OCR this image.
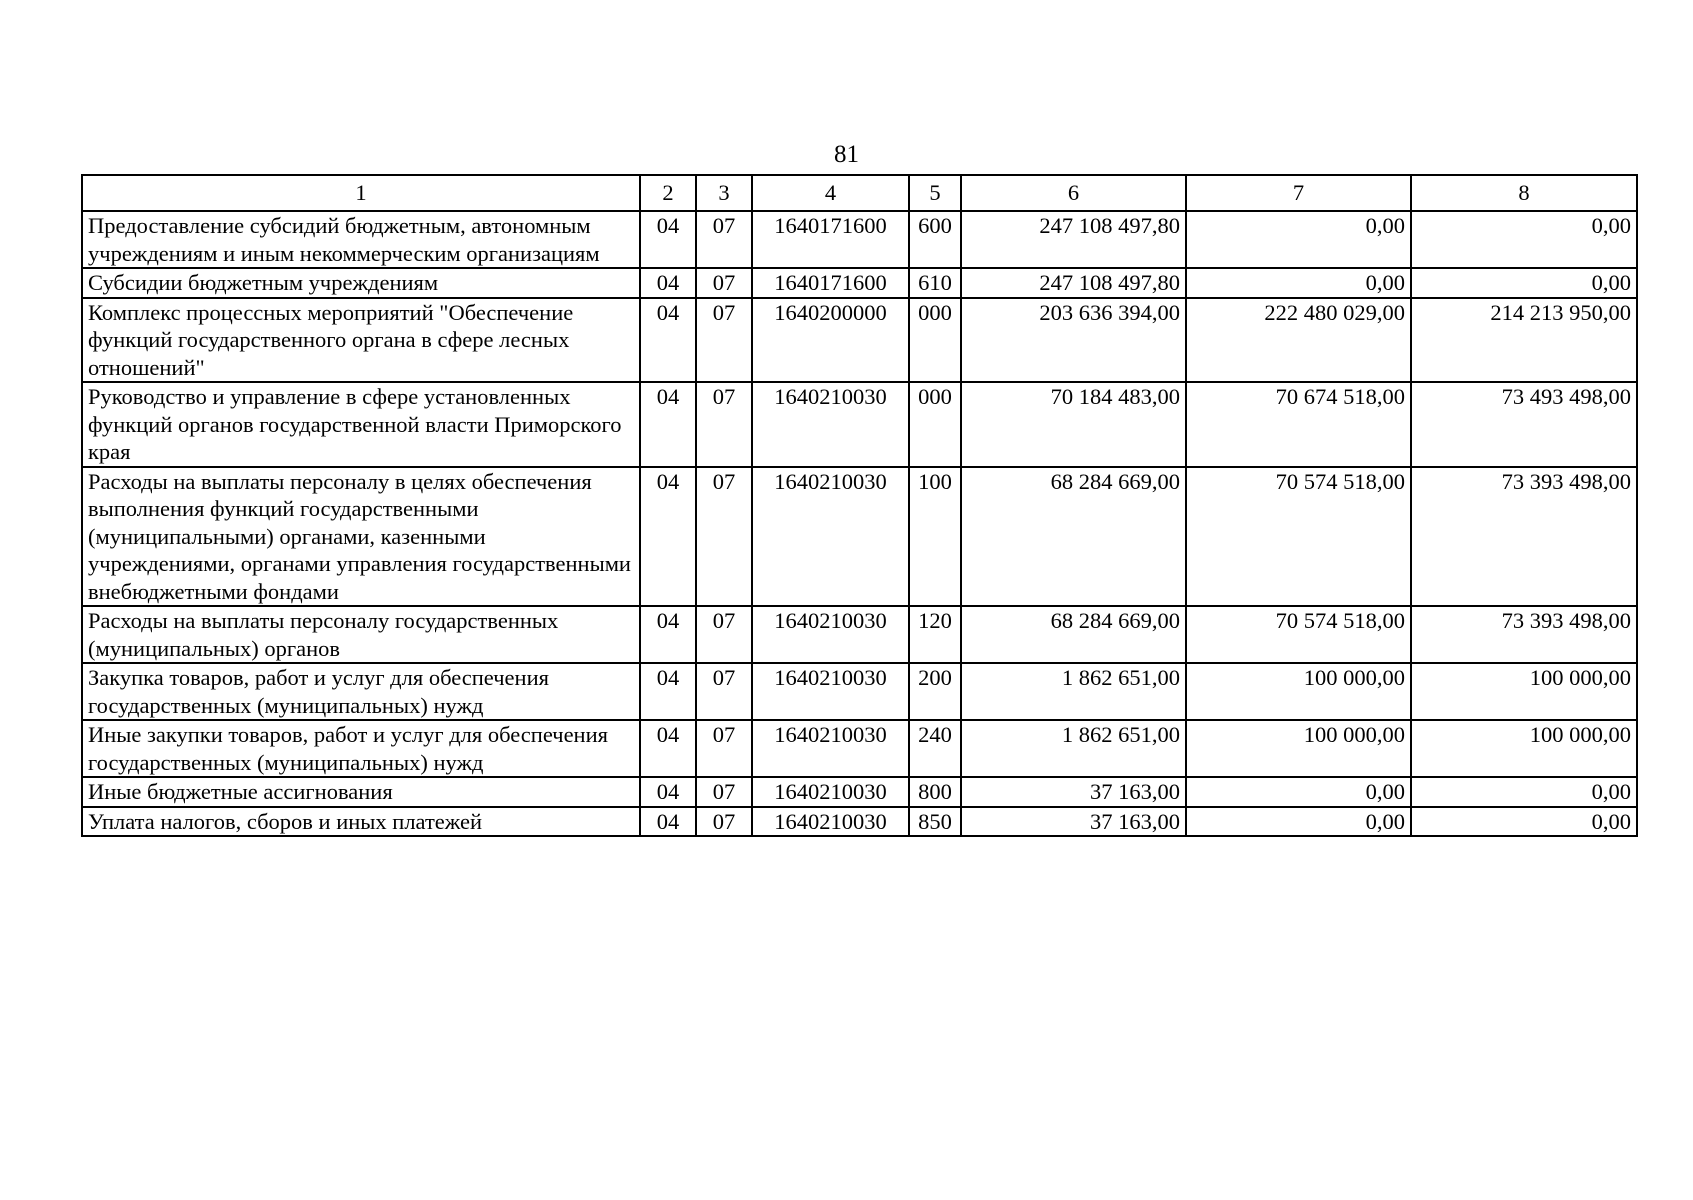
81
1	2	3	4	5	6	7	8
Предоставление субсидий бюджетным, автономным учреждениям и иным некоммерческим организациям	04	07	1640171600	600	247 108 497,80	0,00	0,00
Субсидии бюджетным учреждениям	04	07	1640171600	610	247 108 497,80	0,00	0,00
Комплекс процессных мероприятий "Обеспечение функций государственного органа в сфере лесных отношений"	04	07	1640200000	000	203 636 394,00	222 480 029,00	214 213 950,00
Руководство и управление в сфере установленных функций органов государственной власти Приморского края	04	07	1640210030	000	70 184 483,00	70 674 518,00	73 493 498,00
Расходы на выплаты персоналу в целях обеспечения выполнения функций государственными (муниципальными) органами, казенными учреждениями, органами управления государственными внебюджетными фондами	04	07	1640210030	100	68 284 669,00	70 574 518,00	73 393 498,00
Расходы на выплаты персоналу государственных (муниципальных) органов	04	07	1640210030	120	68 284 669,00	70 574 518,00	73 393 498,00
Закупка товаров, работ и услуг для обеспечения государственных (муниципальных) нужд	04	07	1640210030	200	1 862 651,00	100 000,00	100 000,00
Иные закупки товаров, работ и услуг для обеспечения государственных (муниципальных) нужд	04	07	1640210030	240	1 862 651,00	100 000,00	100 000,00
Иные бюджетные ассигнования	04	07	1640210030	800	37 163,00	0,00	0,00
Уплата налогов, сборов и иных платежей	04	07	1640210030	850	37 163,00	0,00	0,00
